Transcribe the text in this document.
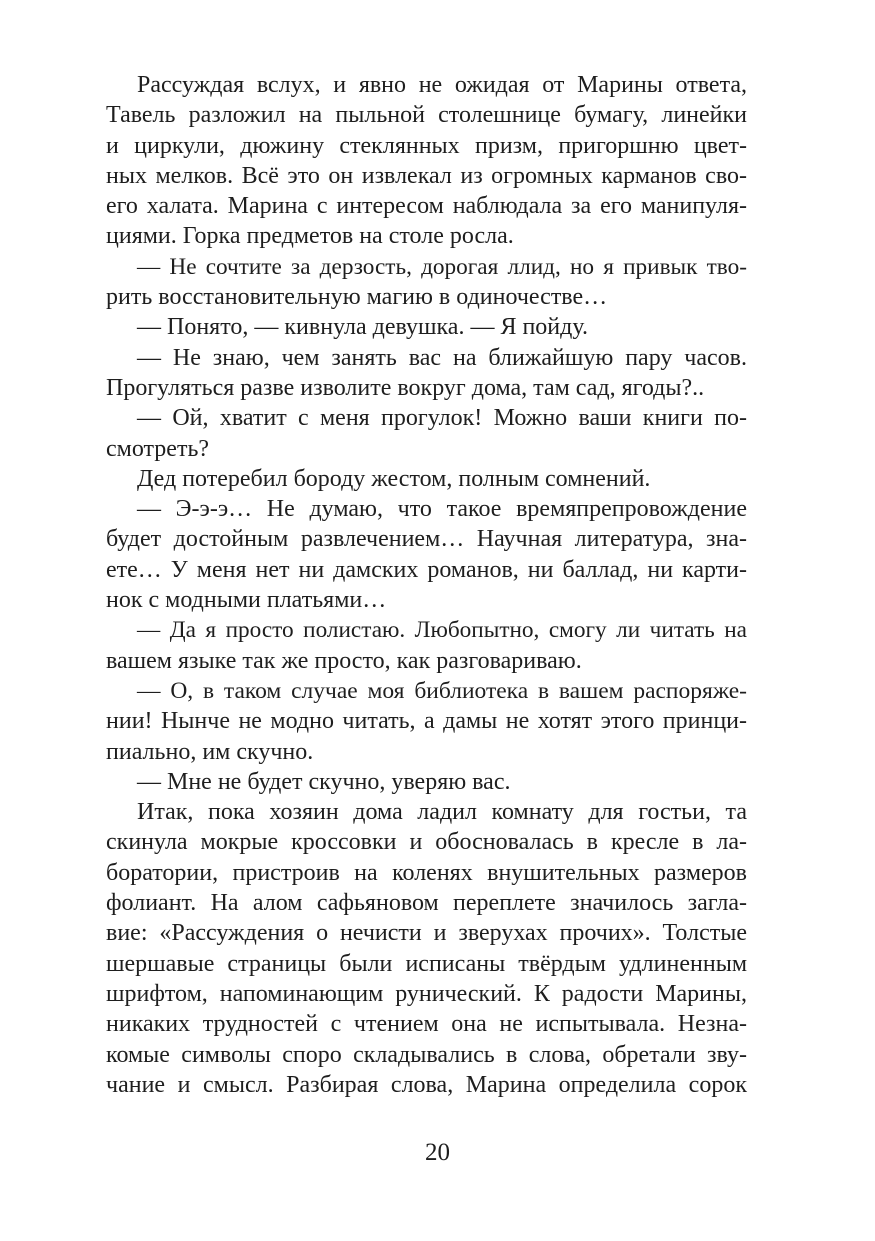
Рассуждая вслух, и явно не ожидая от Марины ответа,
Тавель разложил на пыльной столешнице бумагу, линейки
и циркули, дюжину стеклянных призм, пригоршню цвет-
ных мелков. Всё это он извлекал из огромных карманов сво-
его халата. Марина с интересом наблюдала за его манипуля-
циями. Горка предметов на столе росла.
— Не сочтите за дерзость, дорогая ллид, но я привык тво-
рить восстановительную магию в одиночестве…
— Понято, — кивнула девушка. — Я пойду.
— Не знаю, чем занять вас на ближайшую пару часов.
Прогуляться разве изволите вокруг дома, там сад, ягоды?..
— Ой, хватит с меня прогулок! Можно ваши книги по-
смотреть?
Дед потеребил бороду жестом, полным сомнений.
— Э-э-э… Не думаю, что такое времяпрепровождение
будет достойным развлечением… Научная литература, зна-
ете… У меня нет ни дамских романов, ни баллад, ни карти-
нок с модными платьями…
— Да я просто полистаю. Любопытно, смогу ли читать на
вашем языке так же просто, как разговариваю.
— О, в таком случае моя библиотека в вашем распоряже-
нии! Нынче не модно читать, а дамы не хотят этого принци-
пиально, им скучно.
— Мне не будет скучно, уверяю вас.
Итак, пока хозяин дома ладил комнату для гостьи, та
скинула мокрые кроссовки и обосновалась в кресле в ла-
боратории, пристроив на коленях внушительных размеров
фолиант. На алом сафьяновом переплете значилось загла-
вие: «Рассуждения о нечисти и зверухах прочих». Толстые
шершавые страницы были исписаны твёрдым удлиненным
шрифтом, напоминающим рунический. К радости Марины,
никаких трудностей с чтением она не испытывала. Незна-
комые символы споро складывались в слова, обретали зву-
чание и смысл. Разбирая слова, Марина определила сорок
20
